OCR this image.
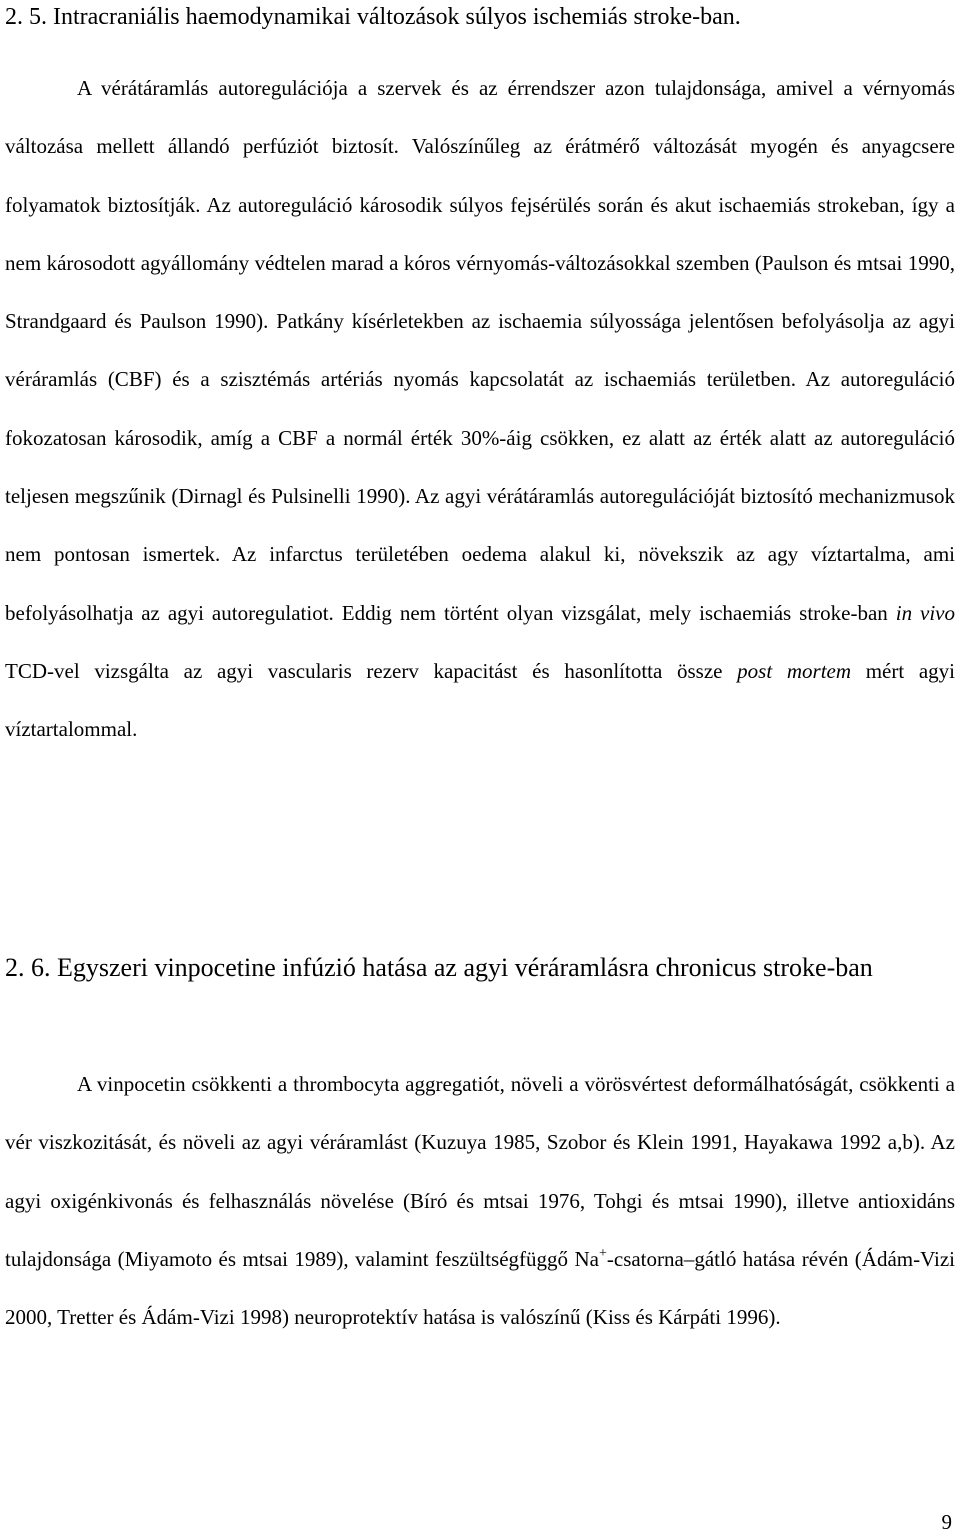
2. 5. Intracraniális haemodynamikai változások súlyos ischemiás stroke-ban.

A vérátáramlás autoregulációja a szervek és az érrendszer azon tulajdonsága, amivel a vérnyomás változása mellett állandó perfúziót biztosít. Valószínűleg az érátmérő változását myogén és anyagcsere folyamatok biztosítják. Az autoreguláció károsodik súlyos fejsérülés során és akut ischaemiás strokeban, így a nem károsodott agyállomány védtelen marad a kóros vérnyomás-változásokkal szemben (Paulson és mtsai 1990, Strandgaard és Paulson 1990). Patkány kísérletekben az ischaemia súlyossága jelentősen befolyásolja az agyi véráramlás (CBF) és a szisztémás artériás nyomás kapcsolatát az ischaemiás területben. Az autoreguláció fokozatosan károsodik, amíg a CBF a normál érték 30%-áig csökken, ez alatt az érték alatt az autoreguláció teljesen megszűnik (Dirnagl és Pulsinelli 1990). Az agyi vérátáramlás autoregulációját biztosító mechanizmusok nem pontosan ismertek. Az infarctus területében oedema alakul ki, növekszik az agy víztartalma, ami befolyásolhatja az agyi autoregulatiot. Eddig nem történt olyan vizsgálat, mely ischaemiás stroke-ban in vivo TCD-vel vizsgálta az agyi vascularis rezerv kapacitást és hasonlította össze post mortem mért agyi víztartalommal.

2. 6. Egyszeri vinpocetine infúzió hatása az agyi véráramlásra chronicus stroke-ban

A vinpocetin csökkenti a thrombocyta aggregatiót, növeli a vörösvértest deformálhatóságát, csökkenti a vér viszkozitását, és növeli az agyi véráramlást (Kuzuya 1985, Szobor és Klein 1991, Hayakawa 1992 a,b). Az agyi oxigénkivonás és felhasználás növelése (Bíró és mtsai 1976, Tohgi és mtsai 1990), illetve antioxidáns tulajdonsága (Miyamoto és mtsai 1989), valamint feszültségfüggő Na+-csatorna–gátló hatása révén (Ádám-Vizi 2000, Tretter és Ádám-Vizi 1998) neuroprotektív hatása is valószínű (Kiss és Kárpáti 1996).

9
